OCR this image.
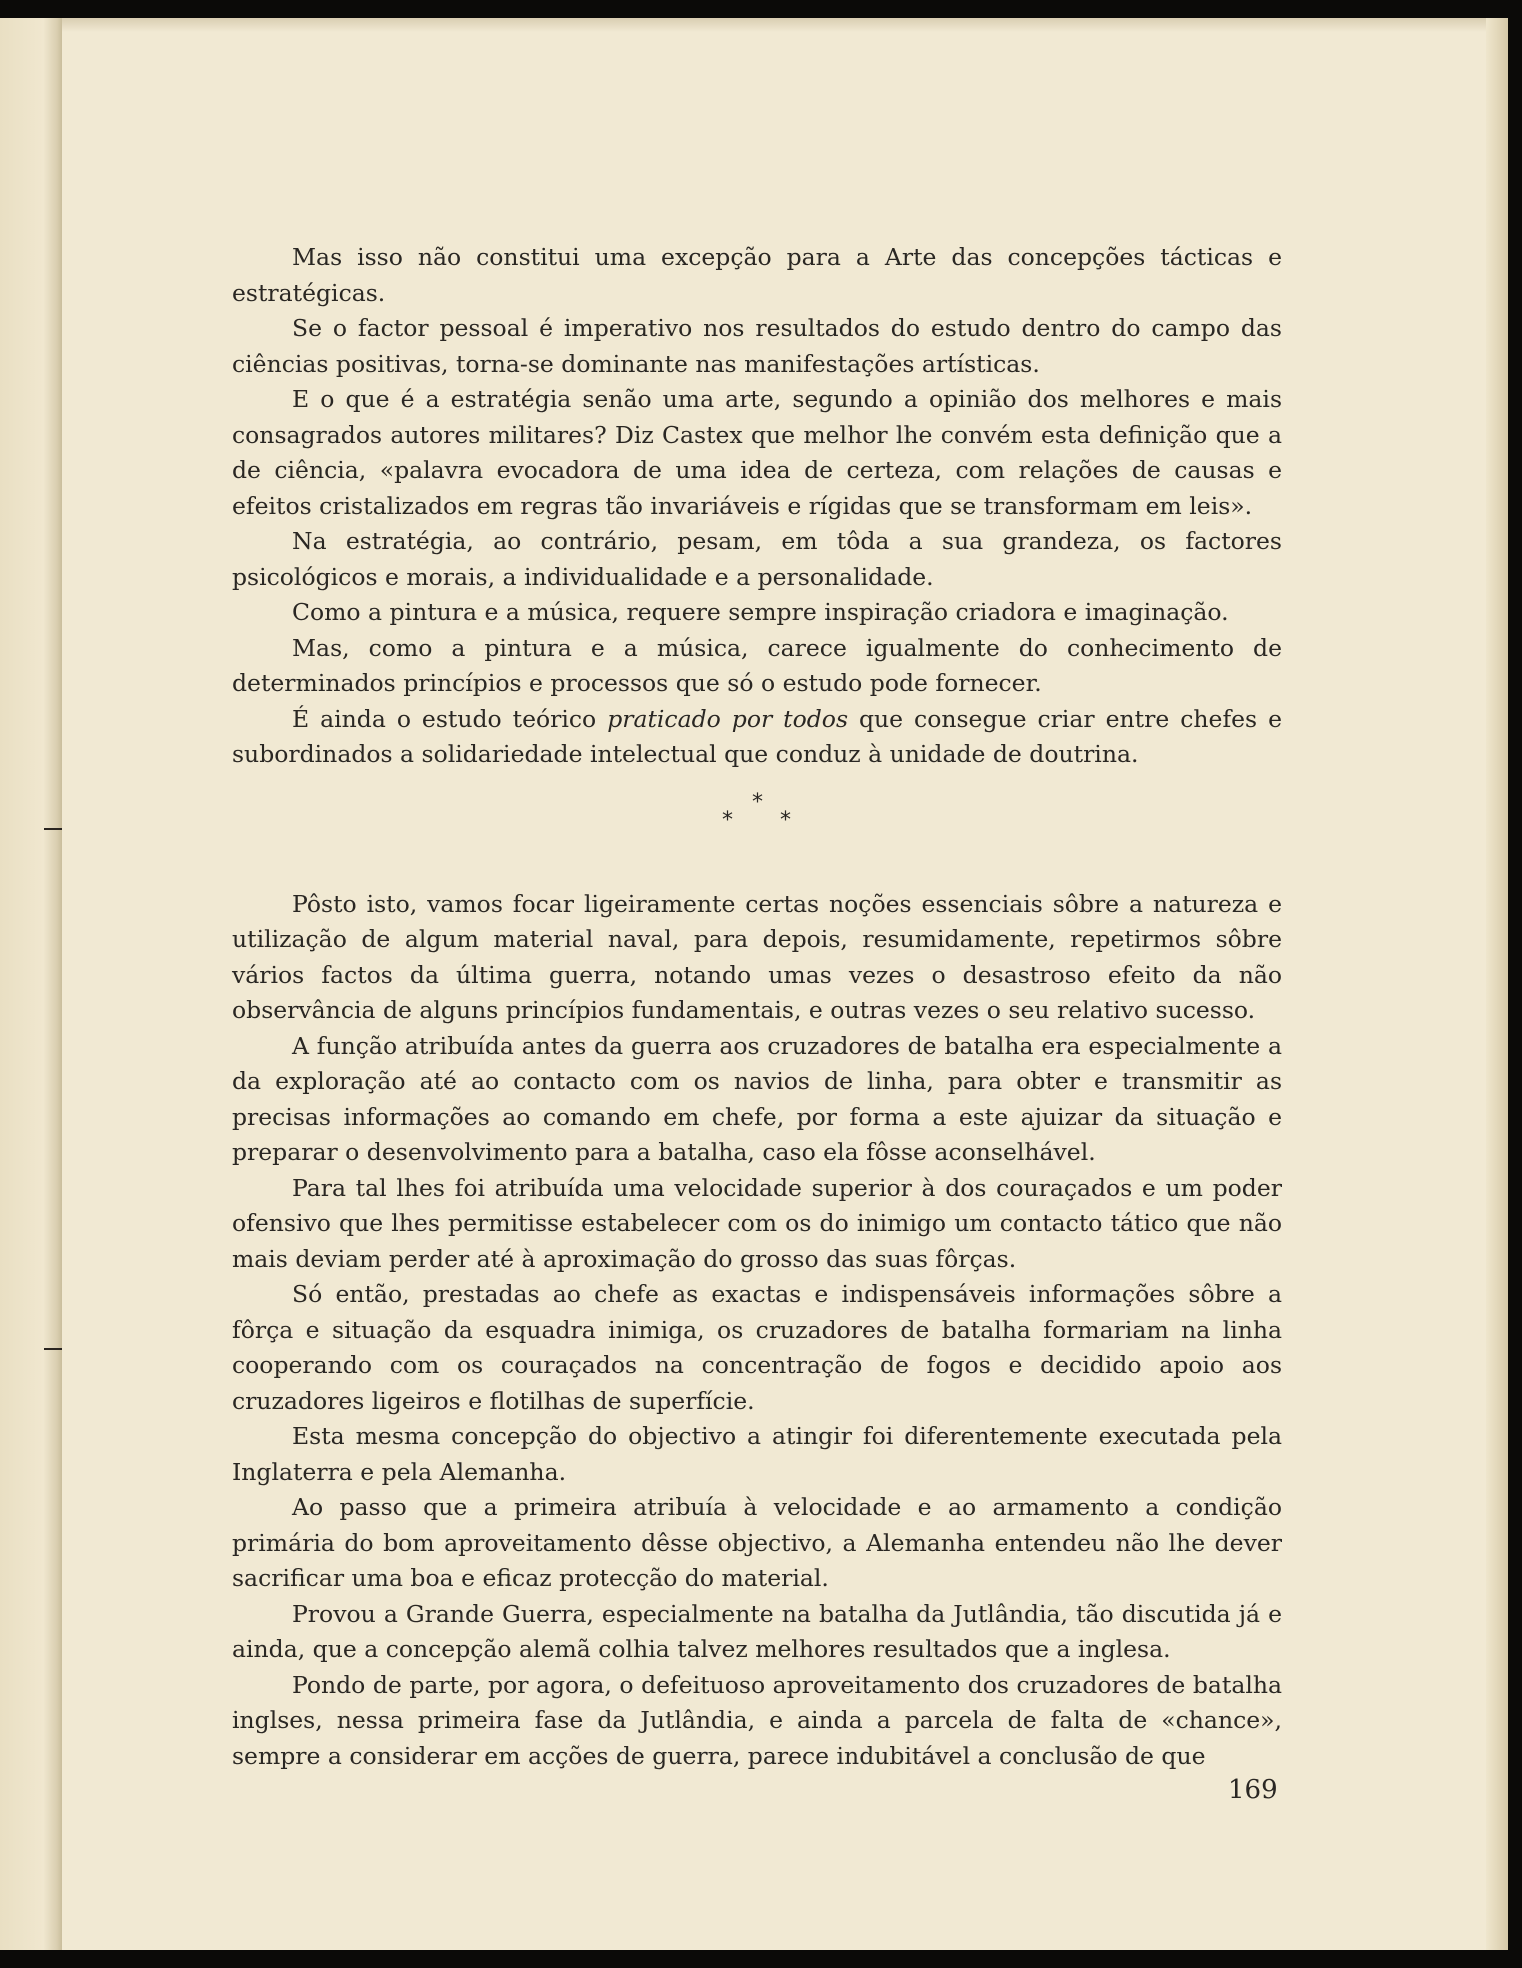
Mas isso não constitui uma excepção para a Arte das concepções tácticas e estratégicas.

Se o factor pessoal é imperativo nos resultados do estudo dentro do campo das ciências positivas, torna-se dominante nas manifestações artísticas.

E o que é a estratégia senão uma arte, segundo a opinião dos melhores e mais consagrados autores militares? Diz Castex que melhor lhe convém esta definição que a de ciência, «palavra evocadora de uma idea de certeza, com relações de causas e efeitos cristalizados em regras tão invariáveis e rígidas que se transformam em leis».

Na estratégia, ao contrário, pesam, em tôda a sua grandeza, os factores psicológicos e morais, a individualidade e a personalidade.

Como a pintura e a música, requere sempre inspiração criadora e imaginação.

Mas, como a pintura e a música, carece igualmente do conhecimento de determinados princípios e processos que só o estudo pode fornecer.

É ainda o estudo teórico praticado por todos que consegue criar entre chefes e subordinados a solidariedade intelectual que conduz à unidade de doutrina.

*
* *

Pôsto isto, vamos focar ligeiramente certas noções essenciais sôbre a natureza e utilização de algum material naval, para depois, resumidamente, repetirmos sôbre vários factos da última guerra, notando umas vezes o desastroso efeito da não observância de alguns princípios fundamentais, e outras vezes o seu relativo sucesso.

A função atribuída antes da guerra aos cruzadores de batalha era especialmente a da exploração até ao contacto com os navios de linha, para obter e transmitir as precisas informações ao comando em chefe, por forma a este ajuizar da situação e preparar o desenvolvimento para a batalha, caso ela fôsse aconselhável.

Para tal lhes foi atribuída uma velocidade superior à dos couraçados e um poder ofensivo que lhes permitisse estabelecer com os do inimigo um contacto tático que não mais deviam perder até à aproximação do grosso das suas fôrças.

Só então, prestadas ao chefe as exactas e indispensáveis informações sôbre a fôrça e situação da esquadra inimiga, os cruzadores de batalha formariam na linha cooperando com os couraçados na concentração de fogos e decidido apoio aos cruzadores ligeiros e flotilhas de superfície.

Esta mesma concepção do objectivo a atingir foi diferentemente executada pela Inglaterra e pela Alemanha.

Ao passo que a primeira atribuía à velocidade e ao armamento a condição primária do bom aproveitamento dêsse objectivo, a Alemanha entendeu não lhe dever sacrificar uma boa e eficaz protecção do material.

Provou a Grande Guerra, especialmente na batalha da Jutlândia, tão discutida já e ainda, que a concepção alemã colhia talvez melhores resultados que a inglesa.

Pondo de parte, por agora, o defeituoso aproveitamento dos cruzadores de batalha inglses, nessa primeira fase da Jutlândia, e ainda a parcela de falta de «chance», sempre a considerar em acções de guerra, parece indubitável a conclusão de que

169
